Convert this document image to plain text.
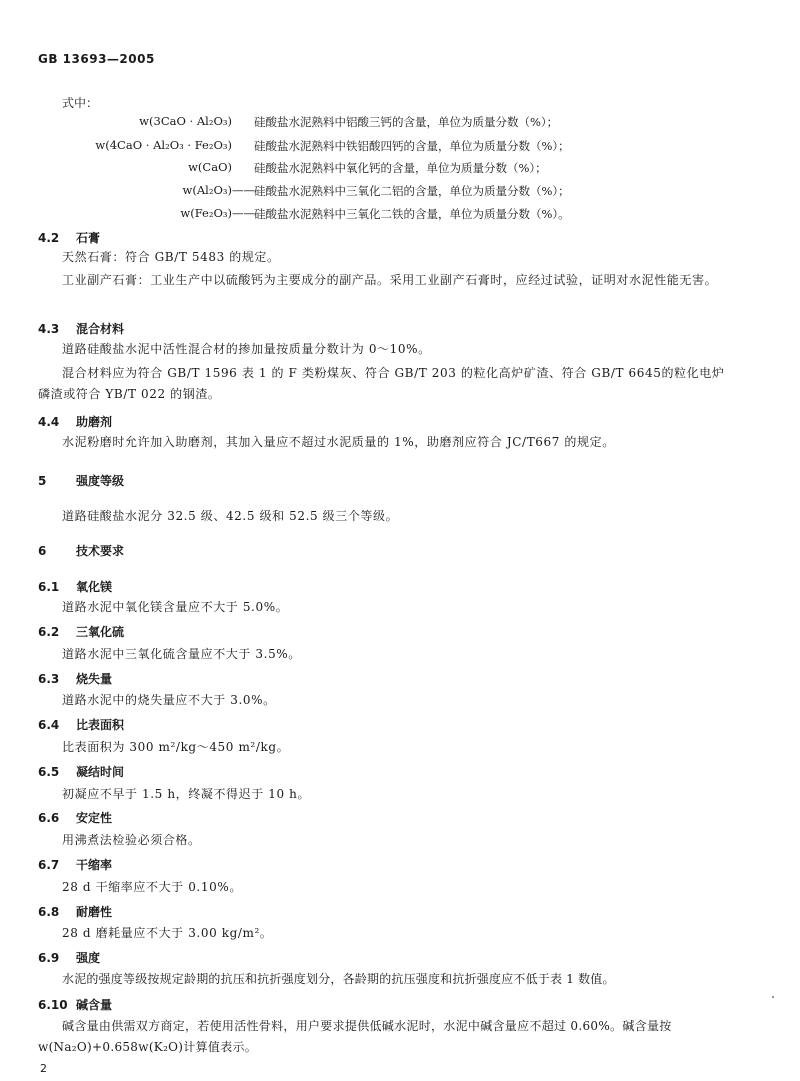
GB 13693—2005
式中：
w(3CaO · Al₂O₃) 硅酸盐水泥熟料中铝酸三钙的含量，单位为质量分数（%）；
w(4CaO · Al₂O₃ · Fe₂O₃) 硅酸盐水泥熟料中铁铝酸四钙的含量，单位为质量分数（%）；
w(CaO) 硅酸盐水泥熟料中氧化钙的含量，单位为质量分数（%）；
w(Al₂O₃) —— 硅酸盐水泥熟料中三氧化二铝的含量，单位为质量分数（%）；
w(Fe₂O₃) —— 硅酸盐水泥熟料中三氧化二铁的含量，单位为质量分数（%）。
4.2 石膏
天然石膏：符合 GB/T 5483 的规定。
工业副产石膏：工业生产中以硫酸钙为主要成分的副产品。采用工业副产石膏时，应经过试验，证明对水泥性能无害。
4.3 混合材料
道路硅酸盐水泥中活性混合材的掺加量按质量分数计为 0～10%。
混合材料应为符合 GB/T 1596 表 1 的 F 类粉煤灰、符合 GB/T 203 的粒化高炉矿渣、符合 GB/T 6645的粒化电炉磷渣或符合 YB/T 022 的钢渣。
4.4 助磨剂
水泥粉磨时允许加入助磨剂，其加入量应不超过水泥质量的 1%，助磨剂应符合 JC/T667 的规定。
5 强度等级
道路硅酸盐水泥分 32.5 级、42.5 级和 52.5 级三个等级。
6 技术要求
6.1 氧化镁
道路水泥中氧化镁含量应不大于 5.0%。
6.2 三氧化硫
道路水泥中三氧化硫含量应不大于 3.5%。
6.3 烧失量
道路水泥中的烧失量应不大于 3.0%。
6.4 比表面积
比表面积为 300 m²/kg～450 m²/kg。
6.5 凝结时间
初凝应不早于 1.5 h，终凝不得迟于 10 h。
6.6 安定性
用沸煮法检验必须合格。
6.7 干缩率
28 d 干缩率应不大于 0.10%。
6.8 耐磨性
28 d 磨耗量应不大于 3.00 kg/m²。
6.9 强度
水泥的强度等级按规定龄期的抗压和抗折强度划分，各龄期的抗压强度和抗折强度应不低于表 1 数值。
6.10 碱含量
碱含量由供需双方商定，若使用活性骨料，用户要求提供低碱水泥时，水泥中碱含量应不超过 0.60%。碱含量按 w(Na₂O)+0.658w(K₂O)计算值表示。
2
